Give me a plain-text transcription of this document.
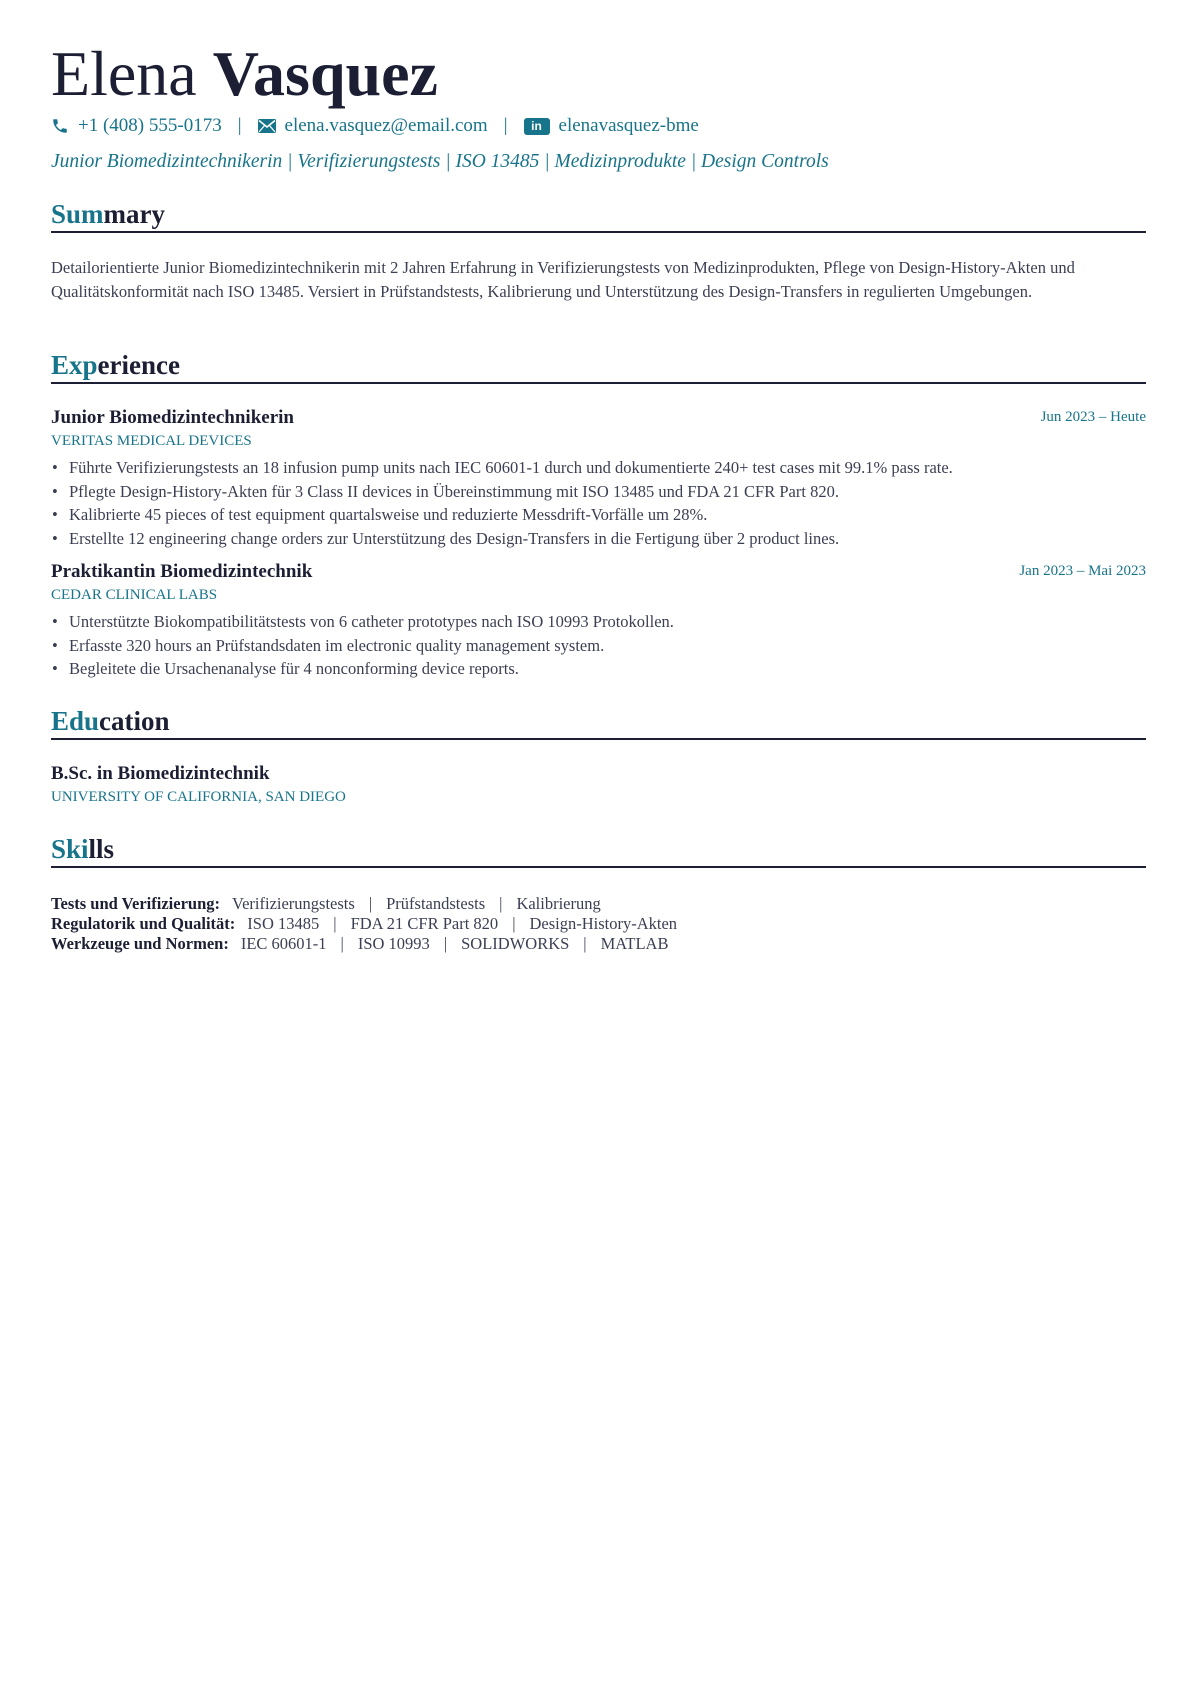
Elena Vasquez
+1 (408) 555-0173 | elena.vasquez@email.com |	in elenavasquez-bme
Junior Biomedizintechnikerin | Verifizierungstests | ISO 13485 | Medizinprodukte | Design Controls
Summary
Detailorientierte Junior Biomedizintechnikerin mit 2 Jahren Erfahrung in Verifizierungstests von Medizinprodukten, Pflege von Design-History-Akten und Qualitätskonformität nach ISO 13485. Versiert in Prüfstandstests, Kalibrierung und Unterstützung des Design-Transfers in regulierten Umgebungen.
Experience
Junior Biomedizintechnikerin	Jun 2023 – Heute
VERITAS MEDICAL DEVICES
• Führte Verifizierungstests an 18 infusion pump units nach IEC 60601-1 durch und dokumentierte 240+ test cases mit 99.1% pass rate.
• Pflegte Design-History-Akten für 3 Class II devices in Übereinstimmung mit ISO 13485 und FDA 21 CFR Part 820.
• Kalibrierte 45 pieces of test equipment quartalsweise und reduzierte Messdrift-Vorfälle um 28%.
• Erstellte 12 engineering change orders zur Unterstützung des Design-Transfers in die Fertigung über 2 product lines.
Praktikantin Biomedizintechnik	Jan 2023 – Mai 2023
CEDAR CLINICAL LABS
• Unterstützte Biokompatibilitätstests von 6 catheter prototypes nach ISO 10993 Protokollen.
• Erfasste 320 hours an Prüfstandsdaten im electronic quality management system.
• Begleitete die Ursachenanalyse für 4 nonconforming device reports.
Education
B.Sc. in Biomedizintechnik
UNIVERSITY OF CALIFORNIA, SAN DIEGO
Skills
Tests und Verifizierung: Verifizierungstests | Prüfstandstests | Kalibrierung
Regulatorik und Qualität: ISO 13485 | FDA 21 CFR Part 820 | Design-History-Akten
Werkzeuge und Normen: IEC 60601-1 | ISO 10993 | SOLIDWORKS | MATLAB
